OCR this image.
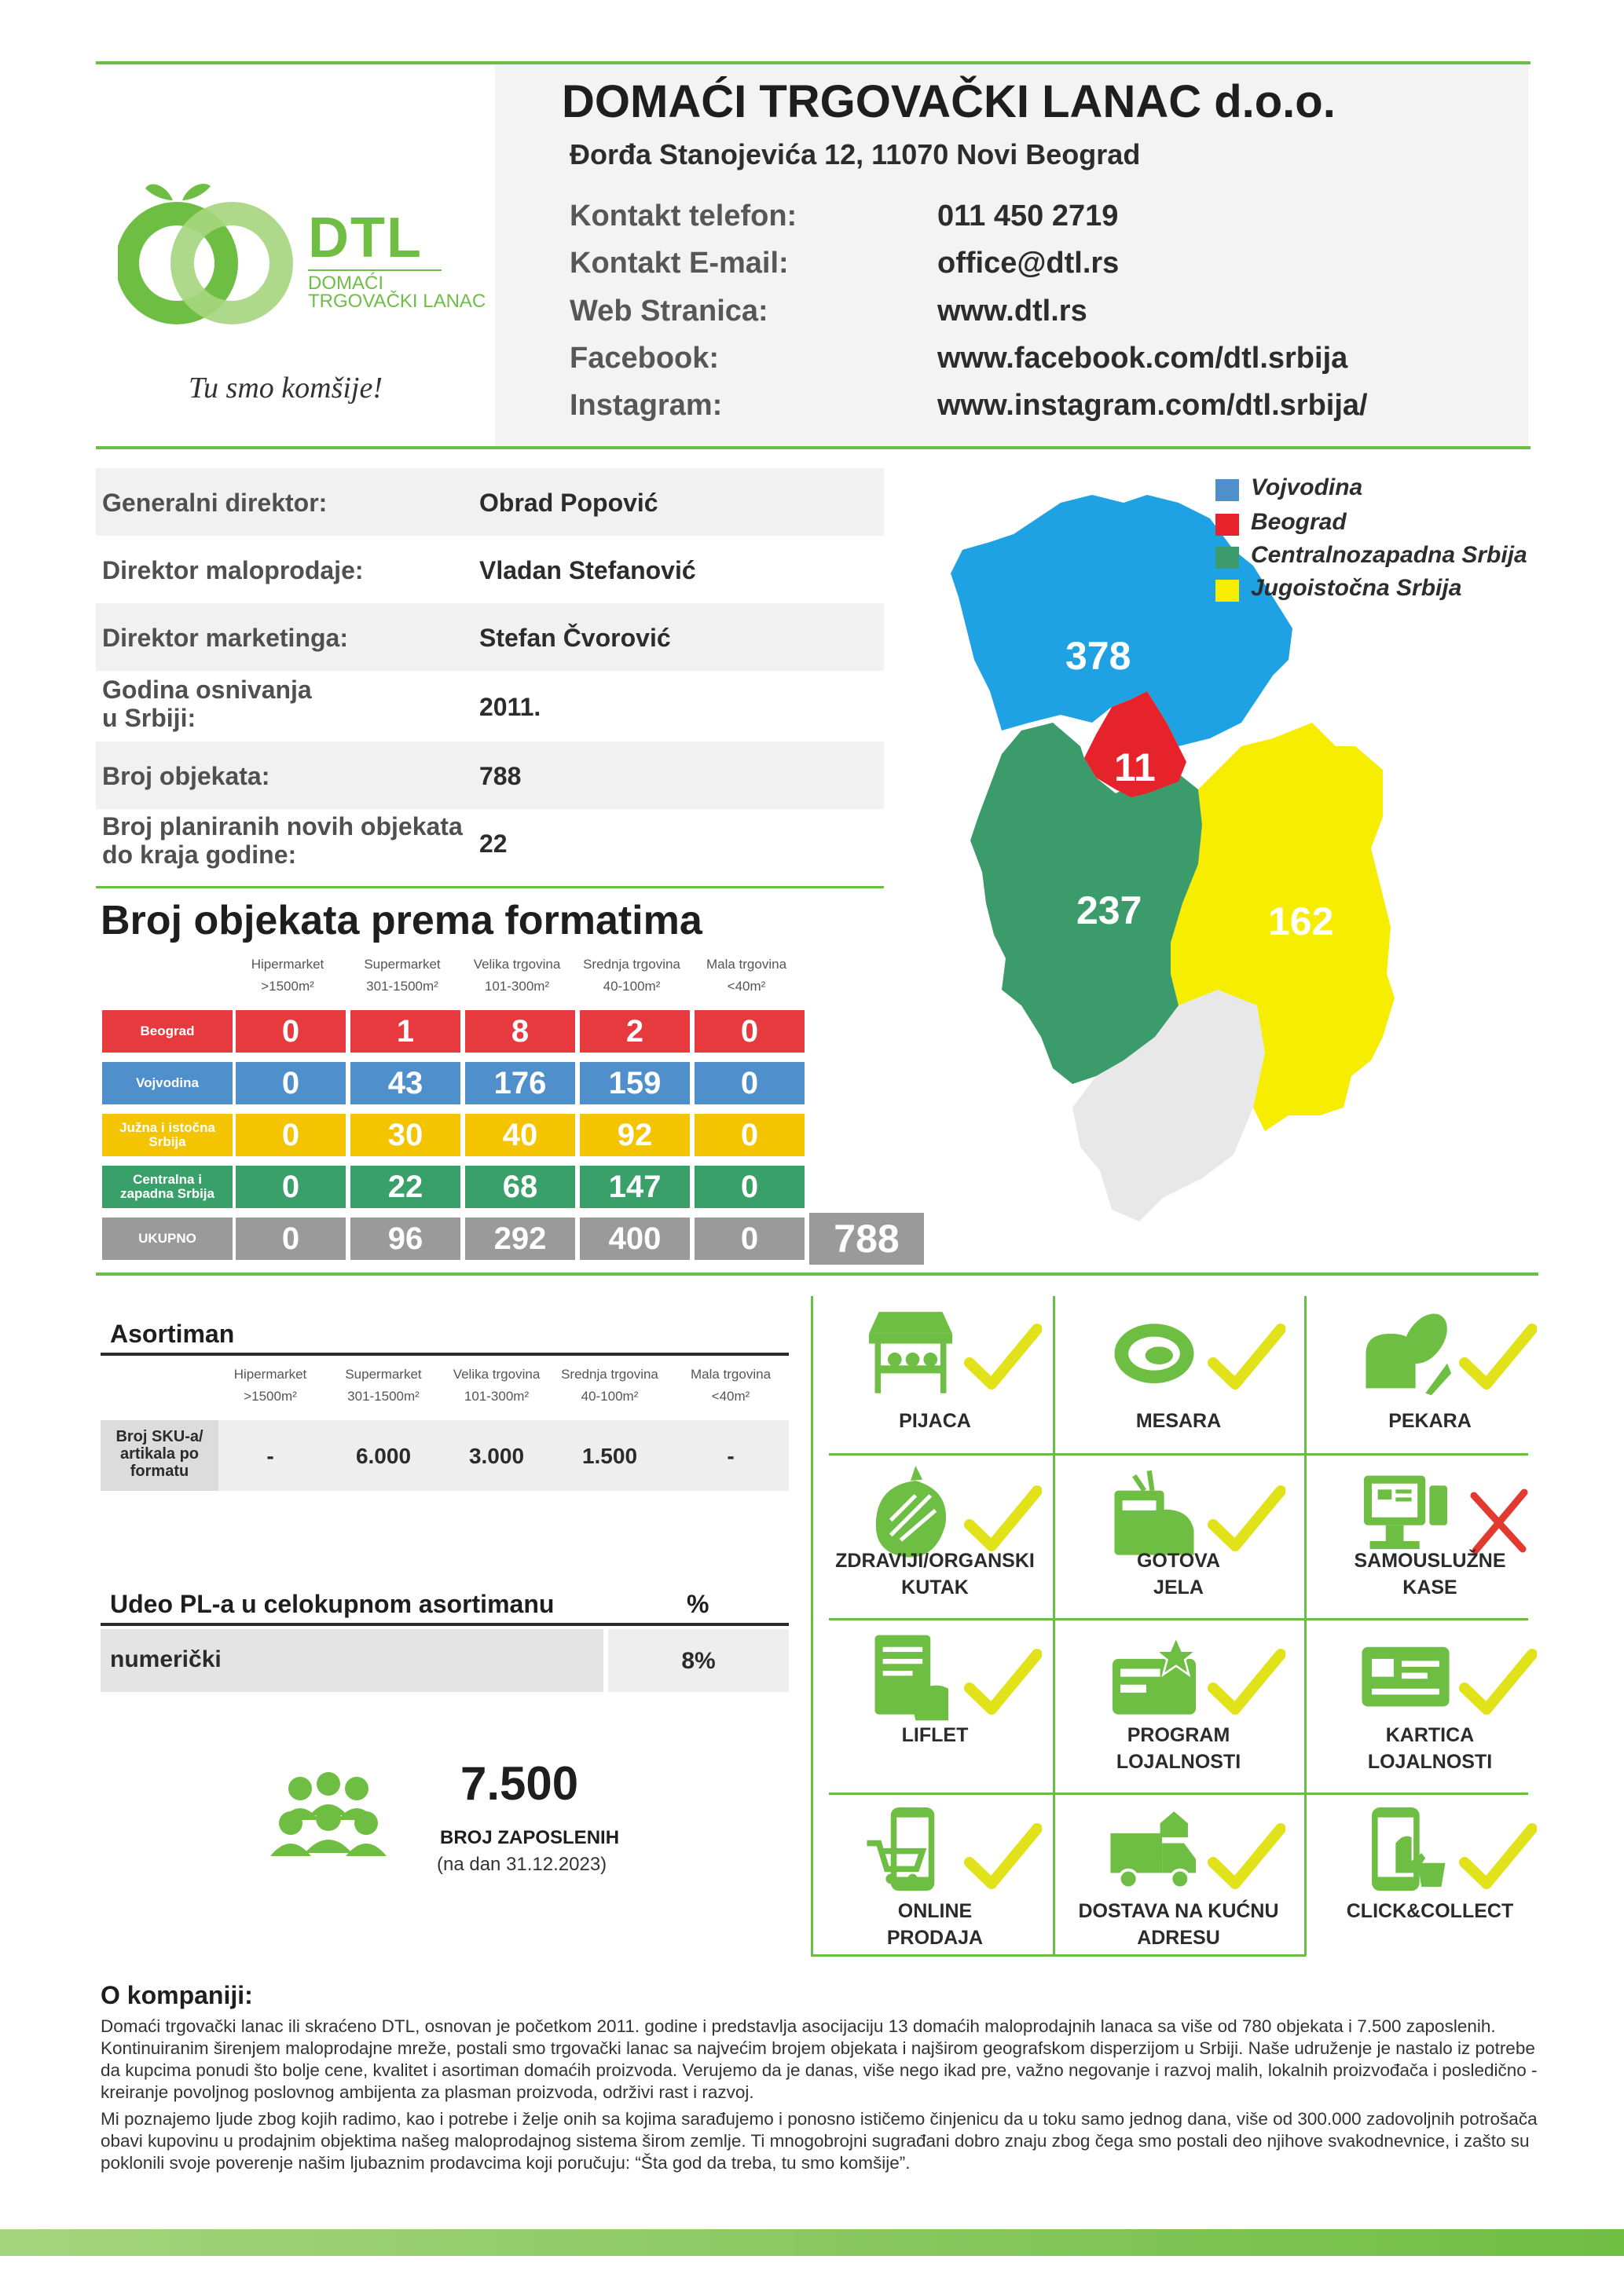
DTL
DOMAĆI
TRGOVAČKI LANAC
Tu smo komšije!
DOMAĆI TRGOVAČKI LANAC d.o.o.
Đorđa Stanojevića 12, 11070 Novi Beograd
Kontakt telefon:	011 450 2719
Kontakt E-mail:	office@dtl.rs
Web Stranica:	www.dtl.rs
Facebook:	www.facebook.com/dtl.srbija
Instagram:	www.instagram.com/dtl.srbija/
Generalni direktor:	Obrad Popović
Direktor maloprodaje:	Vladan Stefanović
Direktor marketinga:	Stefan Čvorović
Godina osnivanja
u Srbiji:	2011.
Broj objekata:	788
Broj planiranih novih objekata
do kraja godine:	22
Broj objekata prema formatima
Hipermarket
>1500m²
Supermarket
301-1500m²
Velika trgovina
101-300m²
Srednja trgovina
40-100m²
Mala trgovina
<40m²
Beograd	0	1	8	2	0
Vojvodina	0	43	176	159	0
Južna i istočna
Srbija	0	30	40	92	0
Centralna i
zapadna Srbija	0	22	68	147	0
UKUPNO	0	96	292	400	0	788
378
11
237	162
Vojvodina
Beograd
Centralnozapadna Srbija
Jugoistočna Srbija
Asortiman
Hipermarket
>1500m²
Supermarket
301-1500m²
Velika trgovina
101-300m²
Srednja trgovina
40-100m²
Mala trgovina
<40m²
Broj SKU-a/
artikala po
formatu
-	6.000	3.000	1.500	-
Udeo PL-a u celokupnom asortimanu	%
numerički	8%
7.500
BROJ ZAPOSLENIH
(na dan 31.12.2023)
PIJACA	MESARA	PEKARA
ZDRAVIJI/ORGANSKI
KUTAK
GOTOVA
JELA
SAMOUSLUŽNE
KASE
LIFLET	PROGRAM
LOJALNOSTI
KARTICA
LOJALNOSTI
ONLINE
PRODAJA
DOSTAVA NA KUĆNU
ADRESU
CLICK&COLLECT
O kompaniji:

Domaći trgovački lanac ili skraćeno DTL, osnovan je početkom 2011. godine i predstavlja asocijaciju 13 domaćih maloprodajnih lanaca sa više od 780 objekata i 7.500 zaposlenih. Kontinuiranim širenjem maloprodajne mreže, postali smo trgovački lanac sa najvećim brojem objekata i najširom geografskom disperzijom u Srbiji. Naše udruženje je nastalo iz potrebe da kupcima ponudi što bolje cene, kvalitet i asortiman domaćih proizvoda. Verujemo da je danas, više nego ikad pre, važno negovanje i razvoj malih, lokalnih proizvođača i posledično - kreiranje povoljnog poslovnog ambijenta za plasman proizvoda, održivi rast i razvoj.

Mi poznajemo ljude zbog kojih radimo, kao i potrebe i želje onih sa kojima sarađujemo i ponosno ističemo činjenicu da u toku samo jednog dana, više od 300.000 zadovoljnih potrošača obavi kupovinu u prodajnim objektima našeg maloprodajnog sistema širom zemlje. Ti mnogobrojni sugrađani dobro znaju zbog čega smo postali deo njihove svakodnevnice, i zašto su poklonili svoje poverenje našim ljubaznim prodavcima koji poručuju: “Šta god da treba, tu smo komšije”.
